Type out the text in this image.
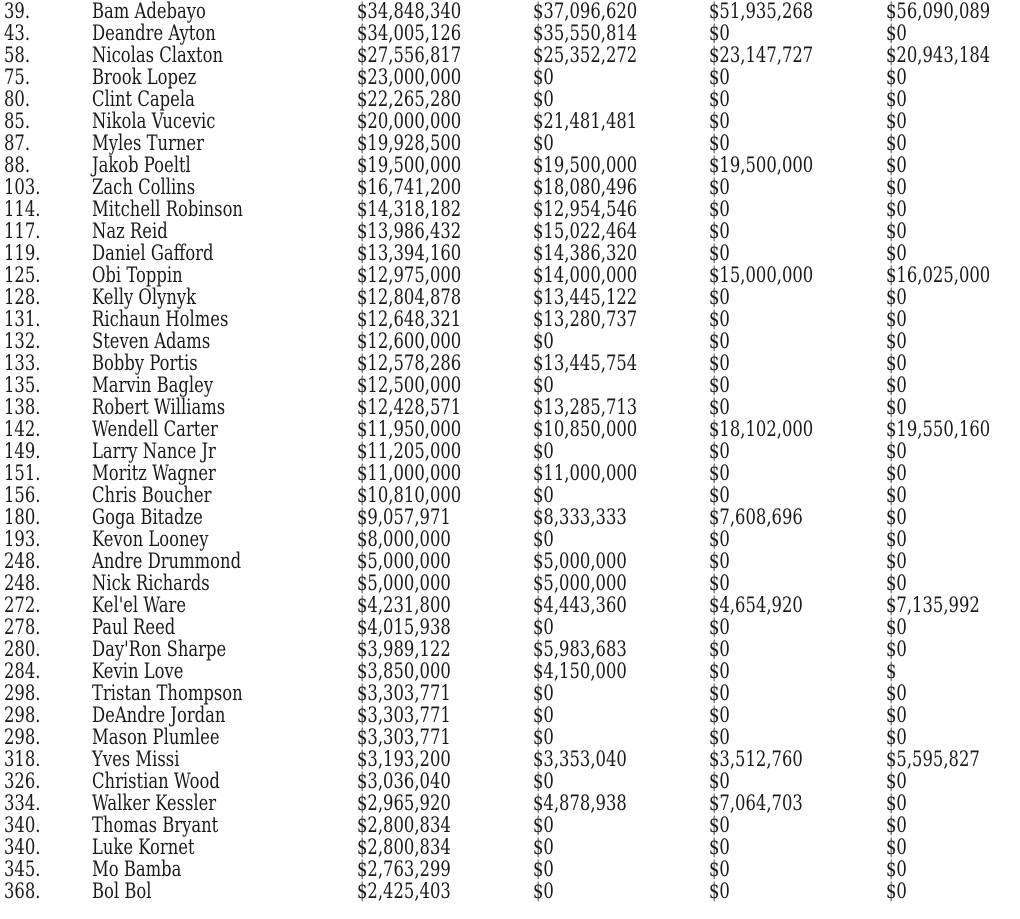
39.	Bam Adebayo	$34,848,340	$37,096,620	$51,935,268	$56,090,089
43.	Deandre Ayton	$34,005,126	$35,550,814	$0	$0
58.	Nicolas Claxton	$27,556,817	$25,352,272	$23,147,727	$20,943,184
75.	Brook Lopez	$23,000,000	$0	$0	$0
80.	Clint Capela	$22,265,280	$0	$0	$0
85.	Nikola Vucevic	$20,000,000	$21,481,481	$0	$0
87.	Myles Turner	$19,928,500	$0	$0	$0
88.	Jakob Poeltl	$19,500,000	$19,500,000	$19,500,000	$0
103. Zach Collins	$16,741,200	$18,080,496	$0	$0
114. Mitchell Robinson	$14,318,182	$12,954,546	$0	$0
117. Naz Reid	$13,986,432	$15,022,464	$0	$0
119. Daniel Gafford	$13,394,160	$14,386,320	$0	$0
125. Obi Toppin	$12,975,000	$14,000,000	$15,000,000	$16,025,000
128. Kelly Olynyk	$12,804,878	$13,445,122	$0	$0
131. Richaun Holmes	$12,648,321	$13,280,737	$0	$0
132. Steven Adams	$12,600,000	$0	$0	$0
133. Bobby Portis	$12,578,286	$13,445,754	$0	$0
135. Marvin Bagley	$12,500,000	$0	$0	$0
138. Robert Williams	$12,428,571	$13,285,713	$0	$0
142. Wendell Carter	$11,950,000	$10,850,000	$18,102,000	$19,550,160
149. Larry Nance Jr	$11,205,000	$0	$0	$0
151. Moritz Wagner	$11,000,000	$11,000,000	$0	$0
156. Chris Boucher	$10,810,000	$0	$0	$0
180. Goga Bitadze	$9,057,971	$8,333,333	$7,608,696	$0
193. Kevon Looney	$8,000,000	$0	$0	$0
248. Andre Drummond	$5,000,000	$5,000,000	$0	$0
248. Nick Richards	$5,000,000	$5,000,000	$0	$0
272. Kel'el Ware	$4,231,800	$4,443,360	$4,654,920	$7,135,992
278. Paul Reed	$4,015,938	$0	$0	$0
280. Day'Ron Sharpe	$3,989,122	$5,983,683	$0	$0
284. Kevin Love	$3,850,000	$4,150,000	$0	$
298. Tristan Thompson	$3,303,771	$0	$0	$0
298. DeAndre Jordan	$3,303,771	$0	$0	$0
298. Mason Plumlee	$3,303,771	$0	$0	$0
318. Yves Missi	$3,193,200	$3,353,040	$3,512,760	$5,595,827
326. Christian Wood	$3,036,040	$0	$0	$0
334. Walker Kessler	$2,965,920	$4,878,938	$7,064,703	$0
340. Thomas Bryant	$2,800,834	$0	$0	$0
340. Luke Kornet	$2,800,834	$0	$0	$0
345. Mo Bamba	$2,763,299	$0	$0	$0
368. Bol Bol	$2,425,403	$0	$0	$0
